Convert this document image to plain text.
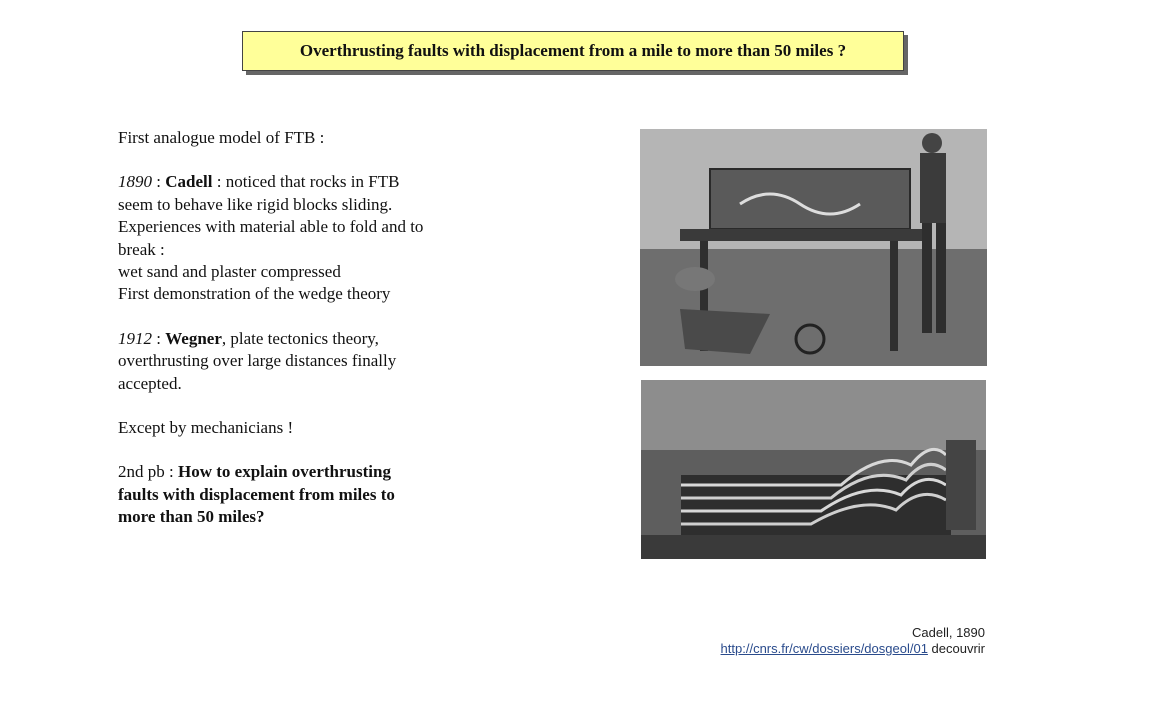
Overthrusting faults with displacement from a mile to more than 50 miles ?

First analogue model of FTB :

1890 : Cadell : noticed that rocks in FTB
seem to behave like rigid blocks sliding.
Experiences with material able to fold and to
break :
wet sand and plaster compressed
First demonstration of the wedge theory

1912 : Wegner, plate tectonics theory,
overthrusting over large distances finally
accepted.

Except by mechanicians !

2nd pb : How to explain overthrusting
faults with displacement from miles to
more than 50 miles?

Cadell, 1890
http://cnrs.fr/cw/dossiers/dosgeol/01 decouvrir
